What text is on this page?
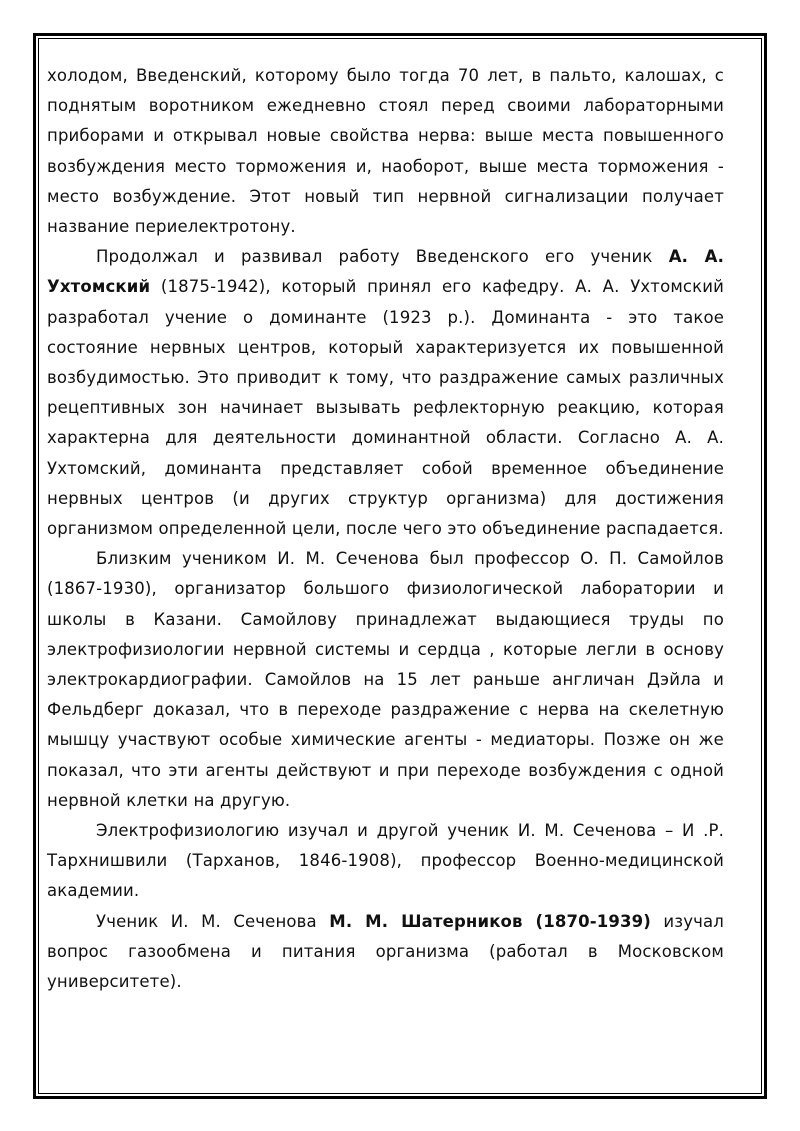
холодом, Введенский, которому было тогда 70 лет, в пальто, калошах, с поднятым воротником ежедневно стоял перед своими лабораторными приборами и открывал новые свойства нерва: выше места повышенного возбуждения место торможения и, наоборот, выше места торможения - место возбуждение. Этот новый тип нервной сигнализации получает название периелектротону.

Продолжал и развивал работу Введенского его ученик А. А. Ухтомский (1875-1942), который принял его кафедру. А. А. Ухтомский разработал учение о доминанте (1923 р.). Доминанта - это такое состояние нервных центров, который характеризуется их повышенной возбудимостью. Это приводит к тому, что раздражение самых различных рецептивных зон начинает вызывать рефлекторную реакцию, которая характерна для деятельности доминантной области. Согласно А. А. Ухтомский, доминанта представляет собой временное объединение нервных центров (и других структур организма) для достижения организмом определенной цели, после чего это объединение распадается.

Близким учеником И. М. Сеченова был профессор О. П. Самойлов (1867-1930), организатор большого физиологической лаборатории и школы в Казани. Самойлову принадлежат выдающиеся труды по электрофизиологии нервной системы и сердца , которые легли в основу электрокардиографии. Самойлов на 15 лет раньше англичан Дэйла и Фельдберг доказал, что в переходе раздражение с нерва на скелетную мышцу участвуют особые химические агенты - медиаторы. Позже он же показал, что эти агенты действуют и при переходе возбуждения с одной нервной клетки на другую.

Электрофизиологию изучал и другой ученик И. М. Сеченова – И .Р. Тархнишвили (Тарханов, 1846-1908), профессор Военно-медицинской академии.

Ученик И. М. Сеченова М. М. Шатерников (1870-1939) изучал вопрос газообмена и питания организма (работал в Московском университете).
